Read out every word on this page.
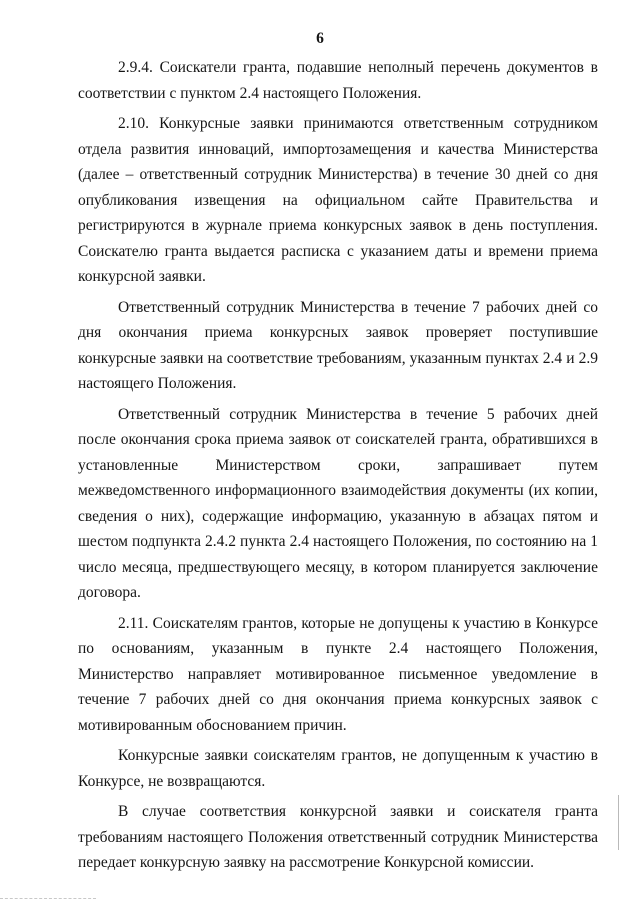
6

2.9.4. Соискатели гранта, подавшие неполный перечень документов в соответствии с пунктом 2.4 настоящего Положения.

2.10. Конкурсные заявки принимаются ответственным сотрудником отдела развития инноваций, импортозамещения и качества Министерства (далее – ответственный сотрудник Министерства) в течение 30 дней со дня опубликования извещения на официальном сайте Правительства и регистрируются в журнале приема конкурсных заявок в день поступления. Соискателю гранта выдается расписка с указанием даты и времени приема конкурсной заявки.

Ответственный сотрудник Министерства в течение 7 рабочих дней со дня окончания приема конкурсных заявок проверяет поступившие конкурсные заявки на соответствие требованиям, указанным пунктах 2.4 и 2.9 настоящего Положения.

Ответственный сотрудник Министерства в течение 5 рабочих дней после окончания срока приема заявок от соискателей гранта, обратившихся в установленные Министерством сроки, запрашивает путем межведомственного информационного взаимодействия документы (их копии, сведения о них), содержащие информацию, указанную в абзацах пятом и шестом подпункта 2.4.2 пункта 2.4 настоящего Положения, по состоянию на 1 число месяца, предшествующего месяцу, в котором планируется заключение договора.

2.11. Соискателям грантов, которые не допущены к участию в Конкурсе по основаниям, указанным в пункте 2.4 настоящего Положения, Министерство направляет мотивированное письменное уведомление в течение 7 рабочих дней со дня окончания приема конкурсных заявок с мотивированным обоснованием причин.

Конкурсные заявки соискателям грантов, не допущенным к участию в Конкурсе, не возвращаются.

В случае соответствия конкурсной заявки и соискателя гранта требованиям настоящего Положения ответственный сотрудник Министерства передает конкурсную заявку на рассмотрение Конкурсной комиссии.
